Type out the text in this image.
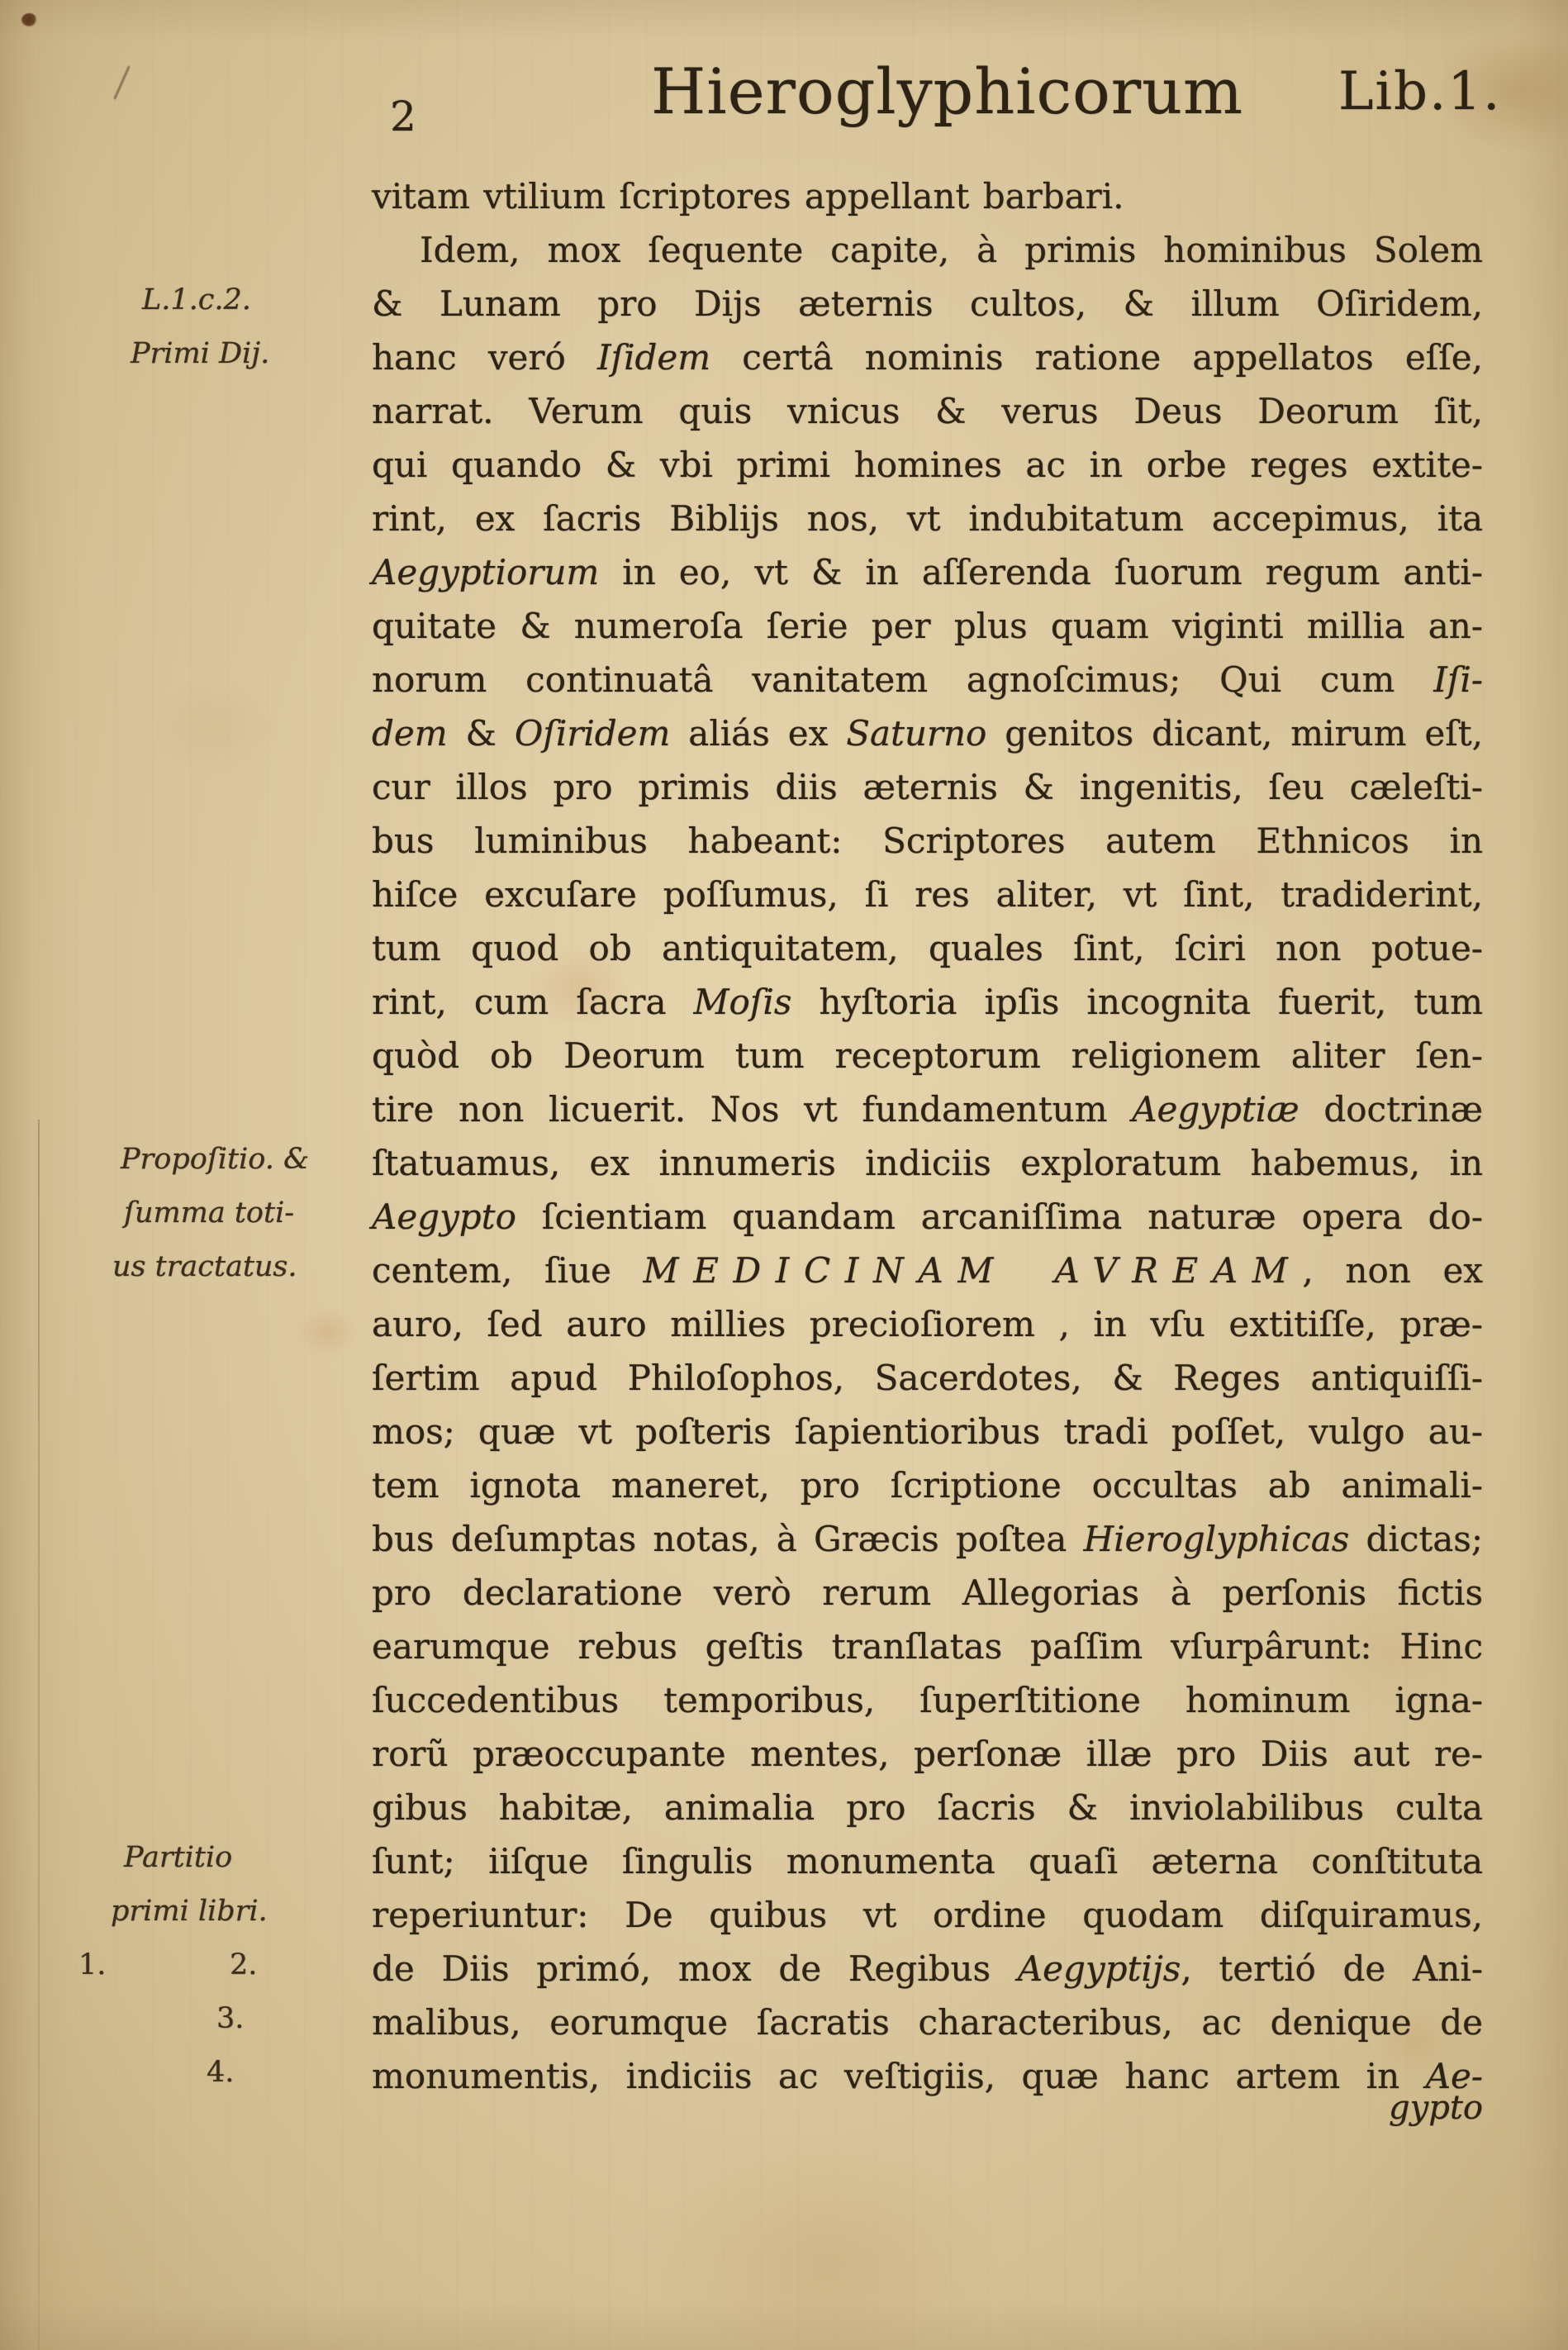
2	Hieroglyphicorum Lib.1.
vitam vtilium ſcriptores appellant barbari.
Idem, mox ſequente capite, à primis hominibus Solem
& Lunam pro Dijs æternis cultos, & illum Oſiridem,
hanc veró Iſidem certâ nominis ratione appellatos eſſe,
narrat. Verum quis vnicus & verus Deus Deorum ſit,
qui quando & vbi primi homines ac in orbe reges extite-
rint, ex ſacris Biblijs nos, vt indubitatum accepimus, ita
Aegyptiorum in eo, vt & in aſſerenda ſuorum regum anti-
quitate & numeroſa ſerie per plus quam viginti millia an-
norum continuatâ vanitatem agnoſcimus; Qui cum Iſi-
dem & Oſiridem aliás ex Saturno genitos dicant, mirum eſt,
cur illos pro primis diis æternis & ingenitis, ſeu cæleſti-
bus luminibus habeant: Scriptores autem Ethnicos in
hiſce excuſare poſſumus, ſi res aliter, vt ſint, tradiderint,
tum quod ob antiquitatem, quales ſint, ſciri non potue-
rint, cum ſacra Moſis hyſtoria ipſis incognita fuerit, tum
quòd ob Deorum tum receptorum religionem aliter ſen-
tire non licuerit. Nos vt fundamentum Aegyptiæ doctrinæ
ſtatuamus, ex innumeris indiciis exploratum habemus, in
Aegypto ſcientiam quandam arcaniſſima naturæ opera do-
centem, ſiue MEDICINAM AVREAM, non ex
auro, ſed auro millies precioſiorem , in vſu extitiſſe, præ-
ſertim apud Philoſophos, Sacerdotes, & Reges antiquiſſi-
mos; quæ vt poſteris ſapientioribus tradi poſſet, vulgo au-
tem ignota maneret, pro ſcriptione occultas ab animali-
bus deſumptas notas, à Græcis poſtea Hieroglyphicas dictas;
pro declaratione verò rerum Allegorias à perſonis fictis
earumque rebus geſtis tranſlatas paſſim vſurpârunt: Hinc
ſuccedentibus temporibus, ſuperſtitione hominum igna-
rorũ præoccupante mentes, perſonæ illæ pro Diis aut re-
gibus habitæ, animalia pro ſacris & inviolabilibus culta
ſunt; iiſque ſingulis monumenta quaſi æterna conſtituta
reperiuntur: De quibus vt ordine quodam diſquiramus,
de Diis primó, mox de Regibus Aegyptijs, tertió de Ani-
malibus, eorumque ſacratis characteribus, ac denique de
monumentis, indiciis ac veſtigiis, quæ hanc artem in Ae-
L.1.c.2.
Primi Dij.
Propoſitio. &
ſumma toti-
us tractatus.
Partitio
primi libri.
1.	2.
3.
4.
gypto
